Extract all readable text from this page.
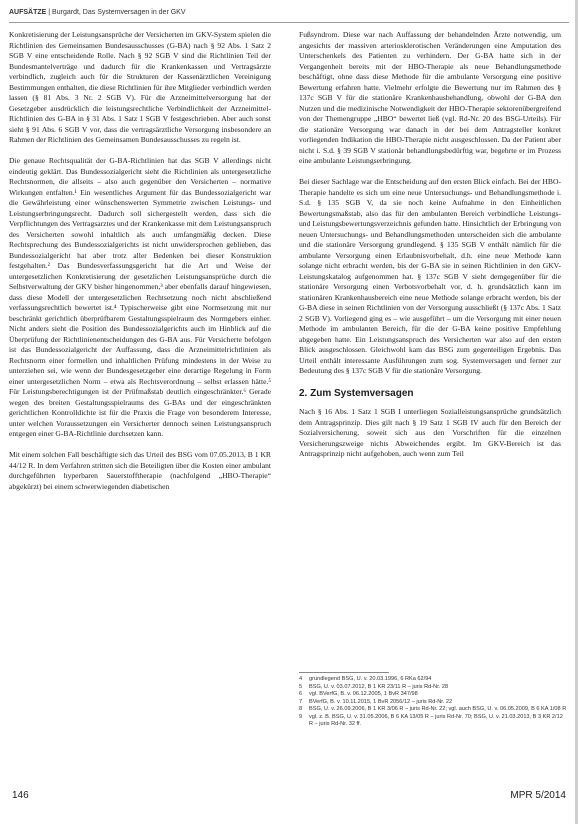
AUFSÄTZE | Burgardt, Das Systemversagen in der GKV

Konkretisierung der Leistungsansprüche der Versicherten im GKV-System spielen die Richtlinien des Gemeinsamen Bundesausschusses (G-BA) nach § 92 Abs. 1 Satz 2 SGB V eine entscheidende Rolle. Nach § 92 SGB V sind die Richtlinien Teil der Bundesmantelverträge und dadurch für die Krankenkassen und Vertragsärzte verbindlich, zugleich auch für die Strukturen der Kassenärztlichen Vereinigung Bestimmungen enthalten, die diese Richtlinien für ihre Mitglieder verbindlich werden lassen (§ 81 Abs. 3 Nr. 2 SGB V). Für die Arzneimittelversorgung hat der Gesetzgeber ausdrücklich die leistungsrechtliche Verbindlichkeit der Arzneimittel-Richtlinien des G-BA in § 31 Abs. 1 Satz 1 SGB V festgeschrieben. Aber auch sonst sieht § 91 Abs. 6 SGB V vor, dass die vertragsärztliche Versorgung insbesondere an Rahmen der Richtlinien des Gemeinsamen Bundesausschusses zu regeln ist.

Die genaue Rechtsqualität der G-BA-Richtlinien hat das SGB V allerdings nicht eindeutig geklärt. Das Bundessozialgericht sieht die Richtlinien als untergesetzliche Rechtsnormen, die allseits – also auch gegenüber den Versicherten – normative Wirkungen entfalten.¹ Ein wesentliches Argument für das Bundessozialgericht war die Gewährleistung einer wünschenswerten Symmetrie zwischen Leistungs- und Leistungserbringungsrecht. Dadurch soll sichergestellt werden, dass sich die Verpflichtungen des Vertragsarztes und der Krankenkasse mit dem Leistungsanspruch des Versicherten sowohl inhaltlich als auch umfangmäßig decken. Diese Rechtsprechung des Bundessozialgerichts ist nicht unwidersprochen geblieben, das Bundessozialgericht hat aber trotz aller Bedenken bei dieser Konstruktion festgehalten.² Das Bundesverfassungsgericht hat die Art und Weise der untergesetzlichen Konkretisierung der gesetzlichen Leistungsansprüche durch die Selbstverwaltung der GKV bisher hingenommen,³ aber ebenfalls darauf hingewiesen, dass diese Modell der untergesetzlichen Rechtsetzung noch nicht abschließend verfassungsrechtlich bewertet ist.⁴ Typischerweise gibt eine Normsetzung mit nur beschränkt gerichtlich überprüfbarem Gestaltungsspielraum des Normgebers einher. Nicht anders sieht die Position des Bundessozialgerichts auch im Hinblick auf die Überprüfung der Richtlinienentscheidungen des G-BA aus. Für Versicherte befolgen ist das Bundessozialgericht der Auffassung, dass die Arzneimittelrichtlinien als Rechtsnorm einer formellen und inhaltlichen Prüfung mindestens in der Weise zu unterziehen sei, wie wenn der Bundesgesetzgeber eine derartige Regelung in Form einer untergesetzlichen Norm – etwa als Rechtsverordnung – selbst erlassen hätte.⁵ Für Leistungsberechtigungen ist der Prüfmaßstab deutlich eingeschränkter.⁶ Gerade wegen des breiten Gestaltungsspielraums des G-BAs und der eingeschränkten gerichtlichen Kontrolldichte ist für die Praxis die Frage von besonderem Interesse, unter welchen Voraussetzungen ein Versicherter dennoch seinen Leistungsanspruch entgegen einer G-BA-Richtlinie durchsetzen kann.

Mit einem solchen Fall beschäftigte sich das Urteil des BSG vom 07.05.2013, B 1 KR 44/12 R. In dem Verfahren stritten sich die Beteiligten über die Kosten einer ambulant durchgeführten hyperbaren Sauerstofftherapie (nachfolgend „HBO-Therapie“ abgekürzt) bei einem schwerwiegenden diabetischen

Fußsyndrom. Diese war nach Auffassung der behandelnden Ärzte notwendig, um angesichts der massiven arteriosklerotischen Veränderungen eine Amputation des Unterschenkels des Patienten zu verhindern. Der G-BA hatte sich in der Vergangenheit bereits mit der HBO-Therapie als neue Behandlungsmethode beschäftigt, ohne dass diese Methode für die ambulante Versorgung eine positive Bewertung erfahren hatte. Vielmehr erfolgte die Bewertung nur im Rahmen des § 137c SGB V für die stationäre Krankenhausbehandlung, obwohl der G-BA den Nutzen und die medizinische Notwendigkeit der HBO-Therapie sektorenübergreifend von der Themengruppe „HBO“ bewertet ließ (vgl. Rd-Nr. 20 des BSG-Urteils). Für die stationäre Versorgung war danach in der bei dem Antragsteller konkret vorliegenden Indikation die HBO-Therapie nicht ausgeschlossen. Da der Patient aber nicht i. S.d. § 39 SGB V stationär behandlungsbedürftig war, begehrte er im Prozess eine ambulante Leistungserbringung.

Bei dieser Sachlage war die Entscheidung auf den ersten Blick einfach. Bei der HBO-Therapie handelte es sich um eine neue Untersuchungs- und Behandlungsmethode i. S.d. § 135 SGB V, da sie noch keine Aufnahme in den Einheitlichen Bewertungsmaßstab, also das für den ambulanten Bereich verbindliche Leistungs- und Leistungsbewertungsverzeichnis gefunden hatte. Hinsichtlich der Erbringung von neuen Untersuchungs- und Behandlungsmethoden unterscheiden sich die ambulante und die stationäre Versorgung grundlegend. § 135 SGB V enthält nämlich für die ambulante Versorgung einen Erlaubnisvorbehalt, d.h. eine neue Methode kann solange nicht erbracht werden, bis der G-BA sie in seinen Richtlinien in den GKV-Leistungskatalog aufgenommen hat. § 137c SGB V sieht demgegenüber für die stationäre Versorgung einen Verbotsvorbehalt vor, d. h. grundsätzlich kann im stationären Krankenhausbereich eine neue Methode solange erbracht werden, bis der G-BA diese in seinen Richtlinien von der Versorgung ausschließt (§ 137c Abs. 1 Satz 2 SGB V). Vorliegend ging es – wie ausgeführt – um die Versorgung mit einer neuen Methode im ambulanten Bereich, für die der G-BA keine positive Empfehlung abgegeben hatte. Ein Leistungsanspruch des Versicherten war also auf den ersten Blick ausgeschlossen. Gleichwohl kam das BSG zum gegenteiligen Ergebnis. Das Urteil enthält interessante Ausführungen zum sog. Systemversagen und ferner zur Bedeutung des § 137c SGB V für die stationäre Versorgung.

2. Zum Systemversagen

Nach § 16 Abs. 1 Satz 1 SGB I unterliegen Sozialleistungsansprüche grundsätzlich dem Antragsprinzip. Dies gilt nach § 19 Satz 1 SGB IV auch für den Bereich der Sozialversicherung, soweit sich aus den Vorschriften für die einzelnen Versicherungszweige nichts Abweichendes ergibt. Im GKV-Bereich ist das Antragsprinzip nicht aufgehoben, auch wenn zum Teil

4	grundlegend BSG, U. v. 20.03.1996, 6 RKa 62/94
5	BSG, U. v. 03.07.2012, B 1 KR 23/11 R – juris Rd-Nr. 28
6	vgl. BVerfG, B. v. 06.12.2005, 1 BvR 347/98
7	BVerfG, B. v. 10.11.2015, 1 BvR 2056/12 – juris Rd-Nr. 22
8	BSG, U. v. 26.09.2006, B 1 KR 3/06 R – juris Rd-Nr. 22; vgl. auch BSG, U. v. 06.05.2009, B 6 KA 1/08 R
9	vgl. z. B. BSG, U. v. 31.05.2006, B 6 KA 13/05 R – juris Rd-Nr. 70; BSG, U. v. 21.03.2013, B 3 KR 2/12 R – juris Rd-Nr. 32 ff.
146	MPR 5/2014
